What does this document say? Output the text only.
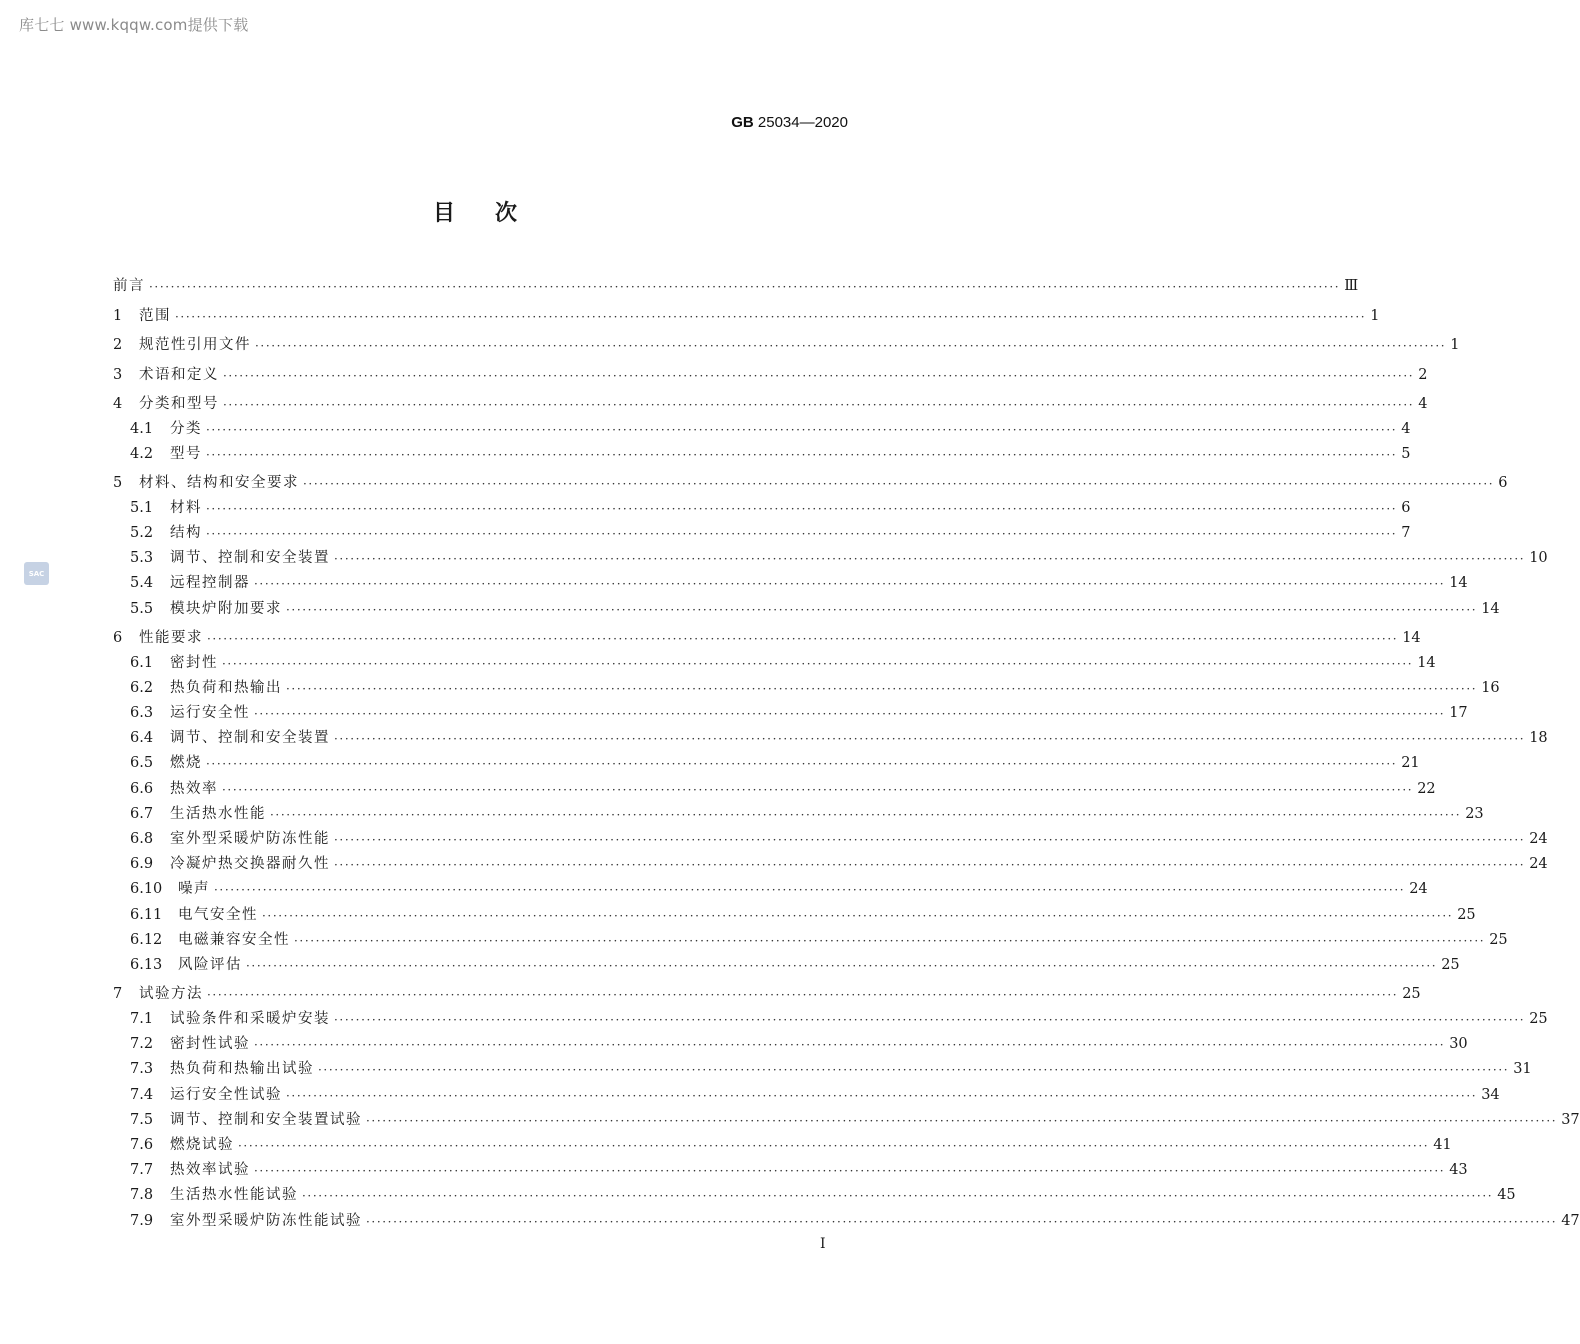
库七七 www.kqqw.com提供下载
GB 25034—2020
目次
SAC
前言 ···························································································································································································································· Ⅲ
1	范围 ···························································································································································································································· 1
2	规范性引用文件 ···························································································································································································································· 1
3	术语和定义 ···························································································································································································································· 2
4	分类和型号 ···························································································································································································································· 4
4.1	分类 ···························································································································································································································· 4
4.2	型号 ···························································································································································································································· 5
5	材料、结构和安全要求 ···························································································································································································································· 6
5.1	材料 ···························································································································································································································· 6
5.2	结构 ···························································································································································································································· 7
5.3	调节、控制和安全装置 ···························································································································································································································· 10
5.4	远程控制器 ···························································································································································································································· 14
5.5	模块炉附加要求 ···························································································································································································································· 14
6	性能要求 ···························································································································································································································· 14
6.1	密封性 ···························································································································································································································· 14
6.2	热负荷和热输出 ···························································································································································································································· 16
6.3	运行安全性 ···························································································································································································································· 17
6.4	调节、控制和安全装置 ···························································································································································································································· 18
6.5	燃烧 ···························································································································································································································· 21
6.6	热效率 ···························································································································································································································· 22
6.7	生活热水性能 ···························································································································································································································· 23
6.8	室外型采暖炉防冻性能 ···························································································································································································································· 24
6.9	冷凝炉热交换器耐久性 ···························································································································································································································· 24
6.10	噪声 ···························································································································································································································· 24
6.11	电气安全性 ···························································································································································································································· 25
6.12	电磁兼容安全性 ···························································································································································································································· 25
6.13	风险评估 ···························································································································································································································· 25
7	试验方法 ···························································································································································································································· 25
7.1	试验条件和采暖炉安装 ···························································································································································································································· 25
7.2	密封性试验 ···························································································································································································································· 30
7.3	热负荷和热输出试验 ···························································································································································································································· 31
7.4	运行安全性试验 ···························································································································································································································· 34
7.5	调节、控制和安全装置试验 ···························································································································································································································· 37
7.6	燃烧试验 ···························································································································································································································· 41
7.7	热效率试验 ···························································································································································································································· 43
7.8	生活热水性能试验 ···························································································································································································································· 45
7.9	室外型采暖炉防冻性能试验 ···························································································································································································································· 47
Ⅰ
